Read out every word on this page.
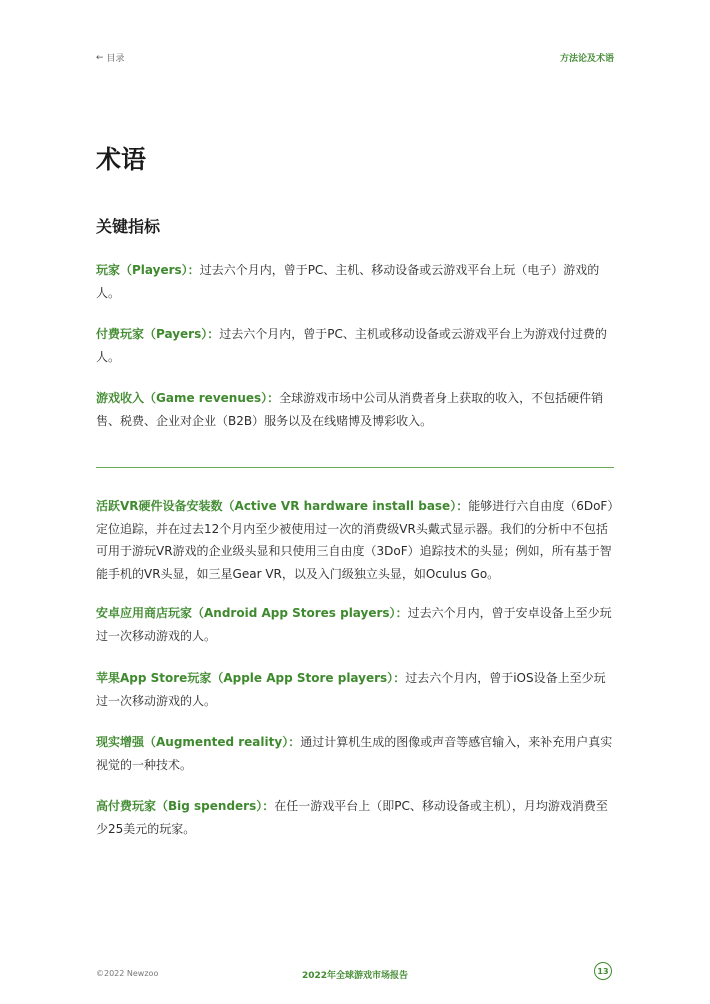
← 目录	方法论及术语
术语
关键指标

玩家（Players）：过去六个月内，曾于PC、主机、移动设备或云游戏平台上玩（电子）游戏的人。

付费玩家（Payers）：过去六个月内，曾于PC、主机或移动设备或云游戏平台上为游戏付过费的人。

游戏收入（Game revenues）：全球游戏市场中公司从消费者身上获取的收入，不包括硬件销售、税费、企业对企业（B2B）服务以及在线赌博及博彩收入。

活跃VR硬件设备安装数（Active VR hardware install base）：能够进行六自由度（6DoF）定位追踪，并在过去12个月内至少被使用过一次的消费级VR头戴式显示器。我们的分析中不包括可用于游玩VR游戏的企业级头显和只使用三自由度（3DoF）追踪技术的头显；例如，所有基于智能手机的VR头显，如三星Gear VR，以及入门级独立头显，如Oculus Go。

安卓应用商店玩家（Android App Stores players）：过去六个月内，曾于安卓设备上至少玩过一次移动游戏的人。

苹果App Store玩家（Apple App Store players）：过去六个月内，曾于iOS设备上至少玩过一次移动游戏的人。

现实增强（Augmented reality）：通过计算机生成的图像或声音等感官输入，来补充用户真实视觉的一种技术。

高付费玩家（Big spenders）：在任一游戏平台上（即PC、移动设备或主机），月均游戏消费至少25美元的玩家。

©2022 Newzoo	2022年全球游戏市场报告	13
